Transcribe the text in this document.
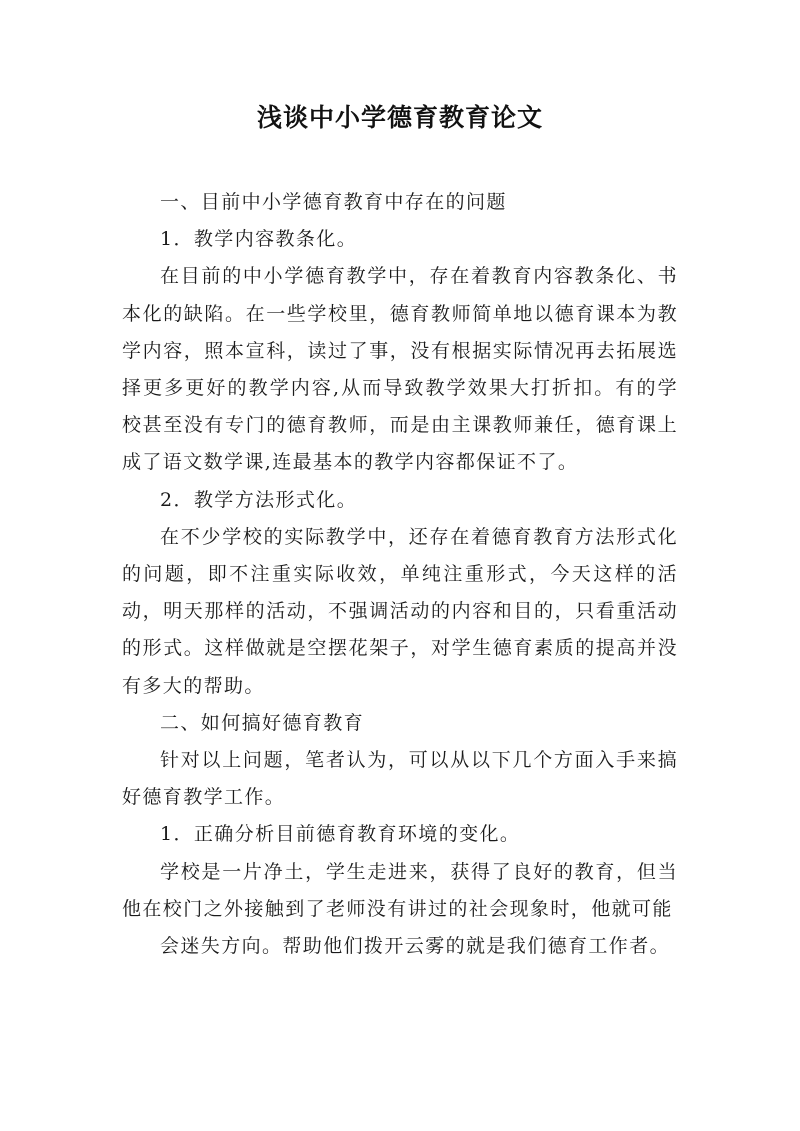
浅谈中小学德育教育论文

一、目前中小学德育教育中存在的问题

1．教学内容教条化。

在目前的中小学德育教学中，存在着教育内容教条化、书本化的缺陷。在一些学校里，德育教师简单地以德育课本为教学内容，照本宣科，读过了事，没有根据实际情况再去拓展选择更多更好的教学内容,从而导致教学效果大打折扣。有的学校甚至没有专门的德育教师，而是由主课教师兼任，德育课上成了语文数学课,连最基本的教学内容都保证不了。

2．教学方法形式化。

在不少学校的实际教学中，还存在着德育教育方法形式化的问题，即不注重实际收效，单纯注重形式，今天这样的活动，明天那样的活动，不强调活动的内容和目的，只看重活动的形式。这样做就是空摆花架子，对学生德育素质的提高并没有多大的帮助。

二、如何搞好德育教育

针对以上问题，笔者认为，可以从以下几个方面入手来搞好德育教学工作。

1．正确分析目前德育教育环境的变化。

学校是一片净土，学生走进来，获得了良好的教育，但当他在校门之外接触到了老师没有讲过的社会现象时，他就可能

会迷失方向。帮助他们拨开云雾的就是我们德育工作者。
